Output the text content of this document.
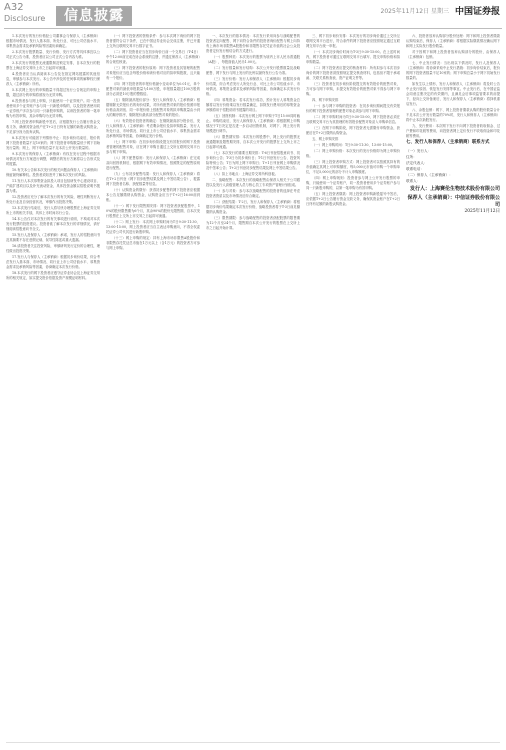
A32
Disclosure	信息披露	2025年11月12日 星期三 中国证券报

1.本次发行的发行价格经公司董事会与保荐人（主承销商）根据市场情况、发行人基本面、所处行业、可比公司估值水平、募集资金需求及承销风险等因素协商确定。

2.本次发行股票数量、发行价格、发行方式等具体事宜以公司正式公告为准，投资者应以公司正式公告内容为准。

3.本次发行的股票无流通限制及锁定安排，自本次发行的股票在上海证券交易所上市之日起即可流通。

4.投资者应当认真阅读本公告及在指定网站披露的其他信息，审慎参与本次发行。本公告中涉及的任何事项的解释权归保荐人（主承销商）所有。

5.本次网上发行的申购数量不得超过发行公告规定的申购上限，超过部分的申购将被视为无效申购。

6.投资者参与网上申购，只能使用一个证券账户。同一投资者使用多个证券账户参与同一只新股申购的，以及投资者使用同一证券账户多次参与同一只新股申购的，以该投资者的第一笔申购为有效申购，其余申购均为无效申购。

7.网上投资者申购新股中签后，应根据发行公告履行资金交收义务，确保其资金账户在T+2日日终有足额的新股认购资金，不足部分视为放弃认购。

8.本次发行可能因下列情形中止：初步询价结束后，报价的网下投资者数量不足10家的；网下投资者申购数量低于网下初始发行量的；网上、网下申购总量不足本次公开发行数量的。

9.本次发行的保荐人（主承销商）有权在发行过程中根据市场情况对发行方案进行调整，调整后的发行方案将以公告形式及时披露。

10.有关本公告和本次发行的相关问题由保荐人（主承销商）保留最终解释权。投资者须知悉并了解本次发行的风险。

11.发行人本次募集资金拟投入项目包括研发中心建设项目、产能扩建项目以及补充流动资金，具体投资金额以招股说明书披露为准。

12.投资者应充分了解本次发行的有关风险，理性判断发行人所处行业及自身经营状况，审慎作出投资决策。

13.本次发行结束后，发行人将尽快办理股票在上海证券交易所上市的相关手续，具体上市时间另行公告。

14.本公告仅对本次发行的有关事项进行说明，不构成对本次发行股票的投资建议。投资者欲了解本次发行的详细情况，请仔细阅读招股意向书全文。

15.发行人及保荐人（主承销商）承诺，发行人的招股意向书及其摘要不存在虚假记载、误导性陈述或重大遗漏。

16.请投资者关注投资风险，审慎研判发行定价的合理性，理性做出投资决策。

17.发行人与保荐人（主承销商）根据初步询价结果，综合考虑发行人基本面、市场情况、同行业上市公司估值水平、募集资金需求及承销风险等因素，协商确定本次发行价格。

18.本次发行的网下投资者应遵守证券业协会及上海证券交易所的相关规定，如实提交报价依据及资产规模证明材料。

（一）网下投资者的资格条件：参与本次网下询价的网下投资者需符合以下条件，已在中国证券业协会完成注册，并已开通上交所互联网交易平台数字证书。

（二）网下投资者应当在初步询价日前一个交易日（T-4日）中午12:00前完成在协会系统的注册，并通过保荐人（主承销商）的合规性核查。

（三）网下投资者的报价原则：网下投资者及其管理的配售对象报价应当包含每股价格和该价格对应的拟申购股数，且只能有一个报价。

（四）网下投资者的申报价格最小变动单位为0.01元，单个配售对象的最低申报数量为100万股，申报数量超过100万股的部分必须是10万股的整数倍。

（五）剔除最高报价部分：发行人和保荐人（主承销商）根据剔除无效报价后的询价结果，对所有配售对象的报价按照申报价格由高到低、同一申报价格上按配售对象的拟申购数量由小到大的顺序排序，剔除报价最高部分配售对象的报价。

（六）有效报价投资者的确定：在剔除最高部分报价后，发行人和保荐人（主承销商）考虑剩余报价及拟申购数量、发行人所处行业、市场情况、同行业上市公司估值水平、募集资金需求及承销风险等因素，协商确定发行价格。

（七）网下申购：在初步询价阶段提交有效报价的网下投资者管理的配售对象，应在网下申购日通过上交所互联网交易平台参与网下申购。

（八）网下配售原则：发行人和保荐人（主承销商）在完成双向回拨机制后，根据网下有效申购情况，按照既定的配售原则进行配售。

（九）公布初步配售结果：发行人和保荐人（主承销商）将在T+2日刊登《网下初步配售结果及网上中签结果公告》，披露网下投资者名称、获配数量等信息。

（十）认购资金的缴付：获得初步配售的网下投资者应根据本公告足额缴纳认购资金，认购资金应当于T+2日16:00前到账。

（十一）网下发行限售期安排：网下投资者获配股票中，10%的股份限售期为6个月，其余90%的股份无限售期，自本次发行股票在上交所上市交易之日起即可流通。

（十二）网上发行：本次网上申购时间为T日9:30-11:30、13:00-15:00，网上投资者应当自主表达申购意向，不得全权委托证券公司代其进行新股申购。

（十三）网上申购的规定：持有上海市场非限售A股股份和非限售存托凭证总市值在1万元以上（含1万元）的投资者方可参与网上申购。

一、本次发行的基本情况：本次发行采用向参与战略配售的投资者定向配售、网下向符合条件的投资者询价配售与网上向持有上海市场非限售A股股份和非限售存托凭证市值的社会公众投资者定价发行相结合的方式进行。

（一）股票种类：本次发行的股票为境内上市人民币普通股（A股），每股面值人民币1.00元。

（二）发行数量和发行结构：本次公开发行股票数量及战略配售、网下发行与网上发行的比例以最终发行公告为准。

（三）发行价格：发行人和保荐人（主承销商）根据初步询价结果，综合考虑发行人所处行业、可比上市公司估值水平、市场情况、募集资金需求及承销风险等因素，协商确定本次发行价格。

（四）募集资金：若本次发行成功，预计发行人募集资金总额将以发行价格乘以发行数量确定，扣除发行费用后的募集资金净额将用于招股说明书披露的项目。

（五）回拨机制：本次发行网上网下申购于T日15:00同时截止。申购结束后，发行人和保荐人（主承销商）将根据网上申购情况于T日决定是否进一步启动回拨机制，对网下、网上发行的规模进行调节。

（六）限售期安排：本次发行的股票中，网上发行的股票无流通限制及限售期安排，自本次公开发行的股票在上交所上市之日起即可流通。

（七）本次发行的重要日期安排：T-6日刊登招股意向书、初步询价公告；T-3日为初步询价日；T-1日刊登发行公告、投资风险特别公告；T日为网上网下申购日；T+1日刊登网上申购情况及中签率公告；T+2日刊登初步配售结果及网上中签结果公告。

（八）拟上市地点：上海证券交易所科创板。

二、战略配售：本次发行的战略配售由保荐人相关子公司跟投以及发行人高级管理人员与核心员工专项资产管理计划组成。

（一）参与对象：参与本次战略配售的投资者的选择在考虑投资者资质以及市场情况后综合确定。

（二）获配结果：T-2日，发行人和保荐人（主承销商）将根据初步询价结果确定本次发行价格，战略投资者将于T-3日前足额缴纳认购资金。

（三）限售期限：参与战略配售的投资者获配股票的限售期为12个月至24个月，限售期自本次公开发行的股票在上交所上市之日起开始计算。

三、网下初步询价安排：本次发行的初步询价通过上交所互联网交易平台进行，符合条件的网下投资者应按照规定通过互联网交易平台统一申报。

（一）本次初步询价时间为T-3日9:30-15:00。在上述时间内，网下投资者可通过互联网交易平台填写、提交申购价格和拟申购数量。

（二）网下投资者应提交的核查材料：所有拟参与本次初步询价的网下投资者须按照规定提交核查材料，包括但不限于承诺函、关联关系核查表、资产证明文件等。

（三）投资者在初步询价阶段提交的有效报价的配售对象，方可参与网下申购，未提交有效报价的配售对象不得参与网下申购。

四、网下申购安排

（一）参与网下申购的投资者：在初步询价期间提交有效报价的网下投资者管理的配售对象必须参与网下申购。

（二）网下申购时间为T日9:30-15:00，网下投资者必须在互联网交易平台为其管理的有效报价配售对象录入申购单信息。

（三）在网下申购阶段，网下投资者无需缴付申购资金，获配后在T+2日缴纳认购资金。

五、网上申购安排

（一）网上申购时间：T日9:30-11:30、13:00-15:00。

（二）网上申购价格：本次发行的发行价格即为网上申购价格。

（三）网上投资者申购方式：网上投资者可以按照其持有的市值确定其网上可申购额度，每5,000元市值可申购一个申购单位，不足5,000元的部分不计入申购额度。

（四）网上申购规则：投资者参与网上公开发行股票的申购，只能使用一个证券账户，同一投资者使用多个证券账户参与同一只新股申购的，以第一笔申购为有效申购。

（五）网上投资者缴款：网上投资者申购新股摇号中签后，应依据T+2日公告履行资金交收义务，确保其资金账户在T+2日日终有足额的新股认购资金。

六、投资者放弃认购部分股份处理：网下和网上投资者缴款认购结束后，保荐人（主承销商）将根据实际缴款情况确认网下和网上实际发行股份数量。

对于因网下和网上投资者放弃认购部分的股份，由保荐人（主承销商）包销。

七、中止发行情况：当出现以下情况时，发行人及保荐人（主承销商）将协商采取中止发行措施：初步询价结束后，报价的网下投资者数量不足10家的；网下申购总量小于网下初始发行数量的。

如发生以上情形，发行人和保荐人（主承销商）将及时公告中止发行原因、恢复发行安排等事宜。中止发行后，在中国证监会同意注册决定的有效期内，且满足会后事项监管要求的前提下，经向上交所备案后，发行人和保荐人（主承销商）将择机重启发行。

八、余股包销：网下、网上投资者缴款认购的股份数量合计不足本次公开发行数量的70%时，发行人和保荐人（主承销商）将中止本次新股发行。

九、发行费用：本次网下发行不向网下投资者收取佣金、过户费和印花税等费用，向投资者网上定价发行不收取佣金和印花税等费用。

七、发行人和保荐人（主承销商）联系方式

（一）发行人：

住所：

法定代表人：

联系电话：

（二）保荐人（主承销商）：

联系人：

发行人：上海赛伦生物技术股份有限公司
保荐人（主承销商）：中信证券股份有限公司
2025年11月12日
